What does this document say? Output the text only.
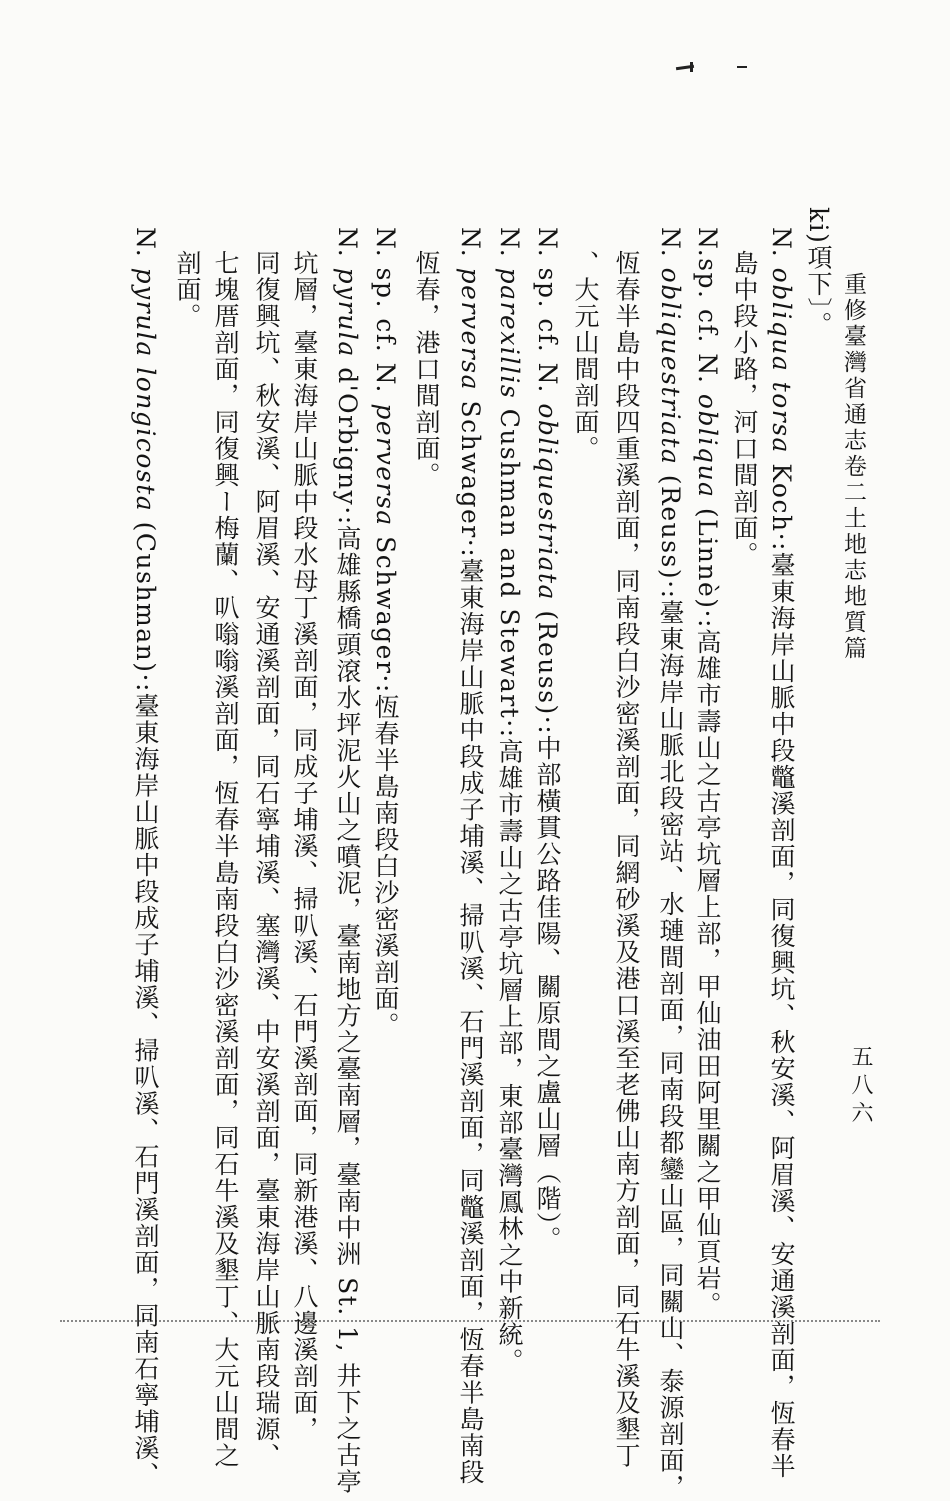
重修臺灣省通志卷二土地志地質篇
五八六
ki)項下〕。
N. obliqua torsa Koch·:臺東海岸山脈中段鼈溪剖面，同復興坑、秋安溪、阿眉溪、安通溪剖面，恆春半
島中段小路，河口間剖面。
N.sp. cf. N. obliqua (Linnè)·:高雄市壽山之古亭坑層上部，甲仙油田阿里關之甲仙頁岩。
N. obliquestriata (Reuss)·:臺東海岸山脈北段密站、水璉間剖面，同南段都鑾山區，同關山、泰源剖面，
恆春半島中段四重溪剖面，同南段白沙密溪剖面，同網砂溪及港口溪至老佛山南方剖面，同石牛溪及墾丁
、大元山間剖面。
N. sp. cf. N. obliquestriata (Reuss)·:中部橫貫公路佳陽、關原間之盧山層（階）。
N. parexillis Cushman and Stewart·:高雄市壽山之古亭坑層上部，東部臺灣鳳林之中新統。
N. perversa Schwager·:臺東海岸山脈中段成子埔溪、掃叭溪、石門溪剖面，同鼈溪剖面，恆春半島南段
恆春，港口間剖面。
N. sp. cf. N. perversa Schwager·:恆春半島南段白沙密溪剖面。
N. pyrula d'Orbigny·:高雄縣橋頭滾水坪泥火山之噴泥，臺南地方之臺南層，臺南中洲 St. 1, 井下之古亭
坑層，臺東海岸山脈中段水母丁溪剖面，同成子埔溪、掃叭溪、石門溪剖面，同新港溪、八邊溪剖面，
同復興坑、秋安溪、阿眉溪、安通溪剖面，同石寧埔溪、塞灣溪、中安溪剖面，臺東海岸山脈南段瑞源、
七塊厝剖面，同復興ー梅蘭、叭嗡嗡溪剖面，恆春半島南段白沙密溪剖面，同石牛溪及墾丁、大元山間之
剖面。
N. pyrula longicosta (Cushman)·:臺東海岸山脈中段成子埔溪、掃叭溪、石門溪剖面，同南石寧埔溪、
